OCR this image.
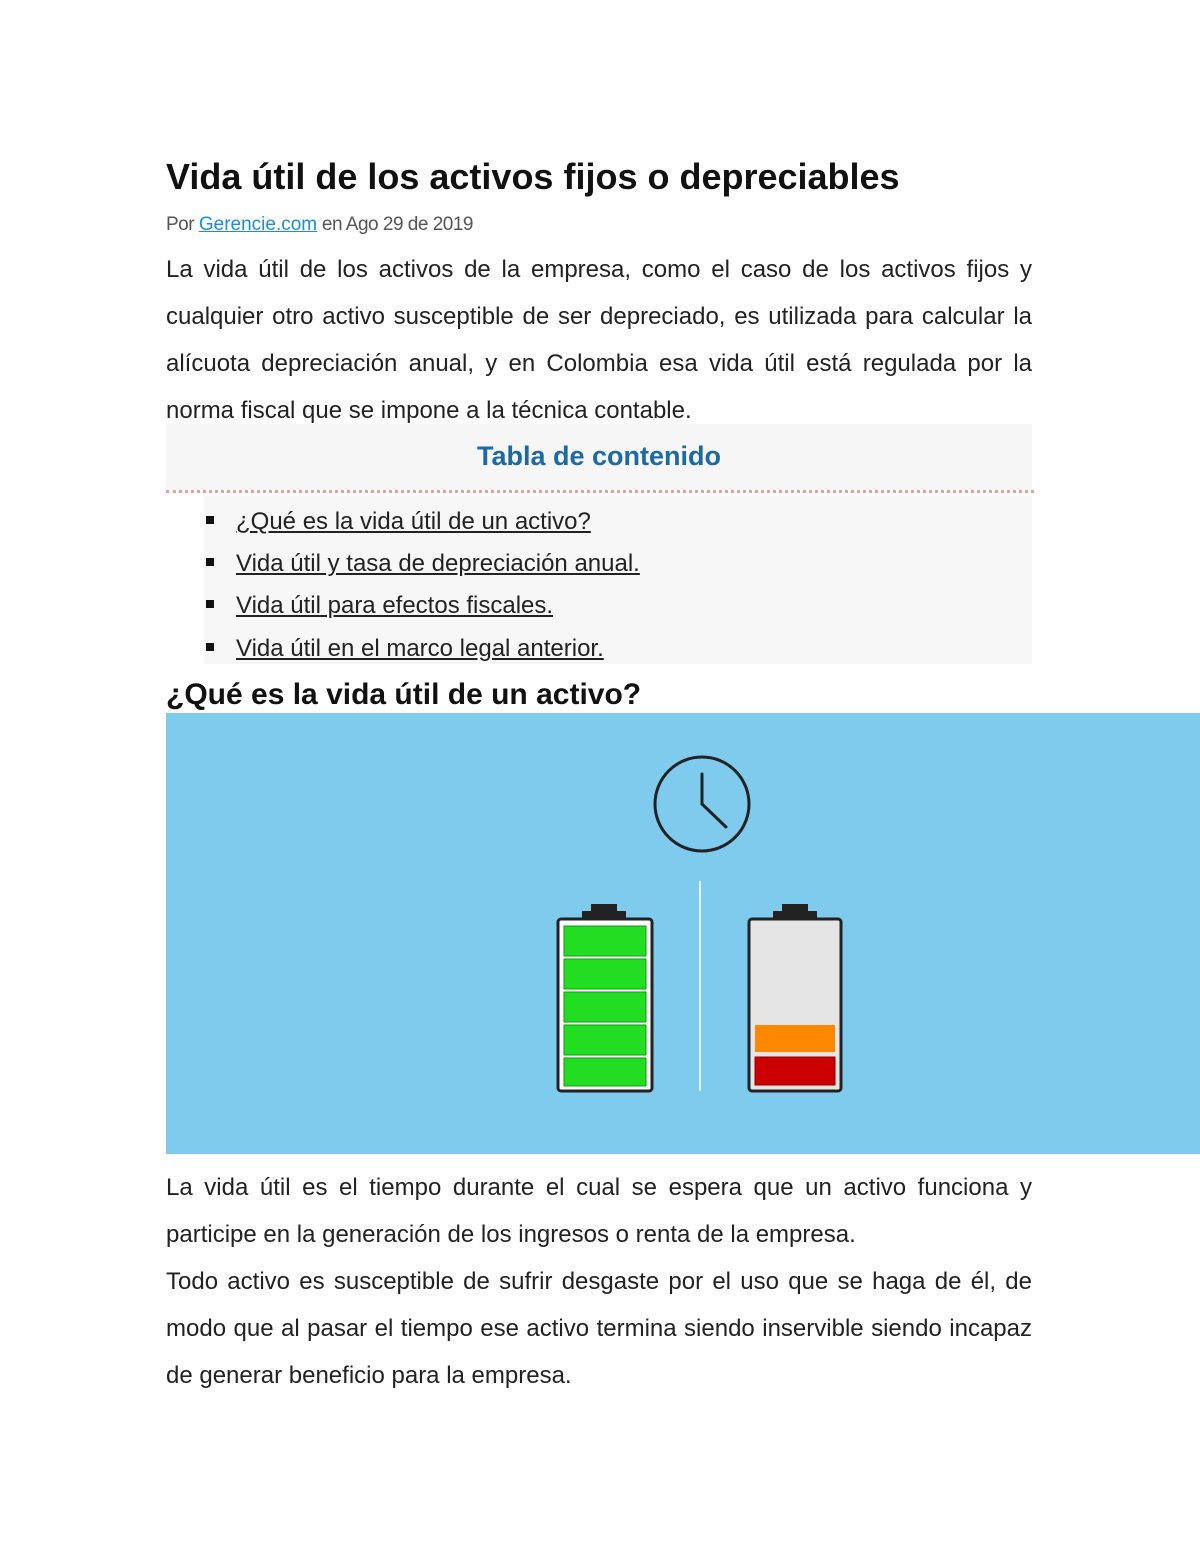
Vida útil de los activos fijos o depreciables
Por Gerencie.com en Ago 29 de 2019

La vida útil de los activos de la empresa, como el caso de los activos fijos y cualquier otro activo susceptible de ser depreciado, es utilizada para calcular la alícuota depreciación anual, y en Colombia esa vida útil está regulada por la norma fiscal que se impone a la técnica contable.

Tabla de contenido
¿Qué es la vida útil de un activo?
Vida útil y tasa de depreciación anual.
Vida útil para efectos fiscales.
Vida útil en el marco legal anterior.
¿Qué es la vida útil de un activo?

La vida útil es el tiempo durante el cual se espera que un activo funciona y participe en la generación de los ingresos o renta de la empresa.

Todo activo es susceptible de sufrir desgaste por el uso que se haga de él, de modo que al pasar el tiempo ese activo termina siendo inservible siendo incapaz de generar beneficio para la empresa.
